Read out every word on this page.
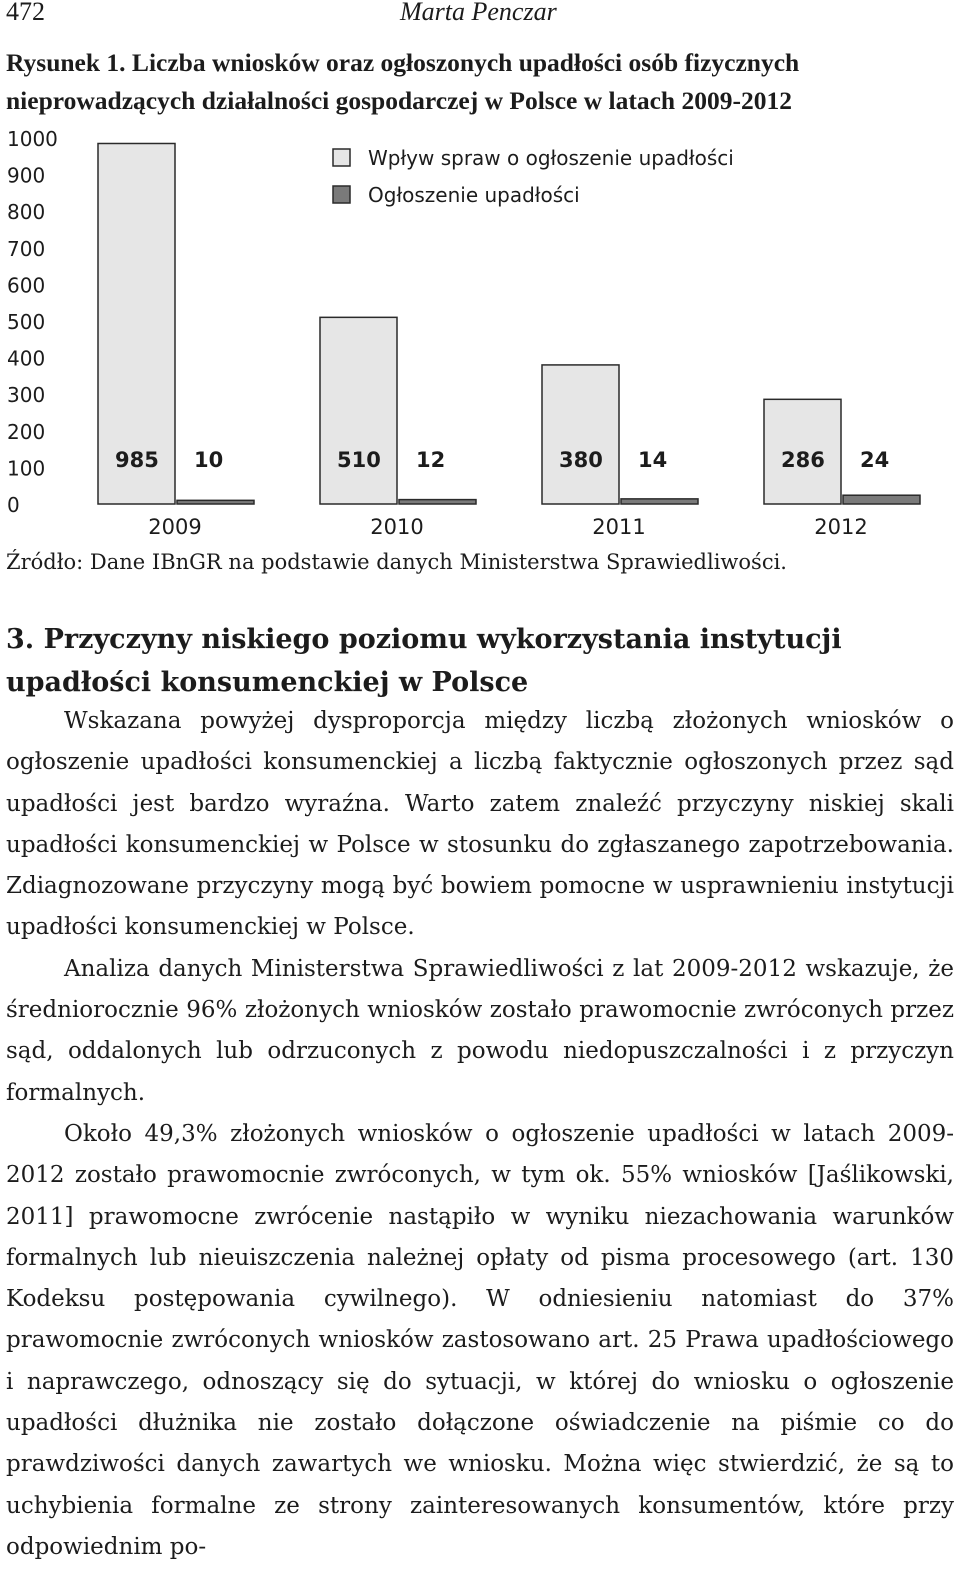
472	Marta Penczar
Rysunek 1. Liczba wniosków oraz ogłoszonych upadłości osób fizycznych nieprowadzących działalności gospodarczej w Polsce w latach 2009-2012
0
100
200
300
400
500
600
700
800
900
1000
985 10	510 12	380 14	286 24
2009	2010	2011	2012
Wpływ spraw o ogłoszenie upadłości
Ogłoszenie upadłości
Źródło: Dane IBnGR na podstawie danych Ministerstwa Sprawiedliwości.
3. Przyczyny niskiego poziomu wykorzystania instytucji upadłości konsumenckiej w Polsce

Wskazana powyżej dysproporcja między liczbą złożonych wniosków o ogłoszenie upadłości konsumenckiej a liczbą faktycznie ogłoszonych przez sąd upadłości jest bardzo wyraźna. Warto zatem znaleźć przyczyny niskiej skali upadłości konsumenckiej w Polsce w stosunku do zgłaszanego zapotrzebowania. Zdiagnozowane przyczyny mogą być bowiem pomocne w usprawnieniu instytucji upadłości konsumenckiej w Polsce.

Analiza danych Ministerstwa Sprawiedliwości z lat 2009-2012 wskazuje, że średniorocznie 96% złożonych wniosków zostało prawomocnie zwróconych przez sąd, oddalonych lub odrzuconych z powodu niedopuszczalności i z przyczyn formalnych.

Około 49,3% złożonych wniosków o ogłoszenie upadłości w latach 2009-2012 zostało prawomocnie zwróconych, w tym ok. 55% wniosków [Jaślikowski, 2011] prawomocne zwrócenie nastąpiło w wyniku niezachowania warunków formalnych lub nieuiszczenia należnej opłaty od pisma procesowego (art. 130 Kodeksu postępowania cywilnego). W odniesieniu natomiast do 37% prawomocnie zwróconych wniosków zastosowano art. 25 Prawa upadłościowego i naprawczego, odnoszący się do sytuacji, w której do wniosku o ogłoszenie upadłości dłużnika nie zostało dołączone oświadczenie na piśmie co do prawdziwości danych zawartych we wniosku. Można więc stwierdzić, że są to uchybienia formalne ze strony zainteresowanych konsumentów, które przy odpowiednim po-
